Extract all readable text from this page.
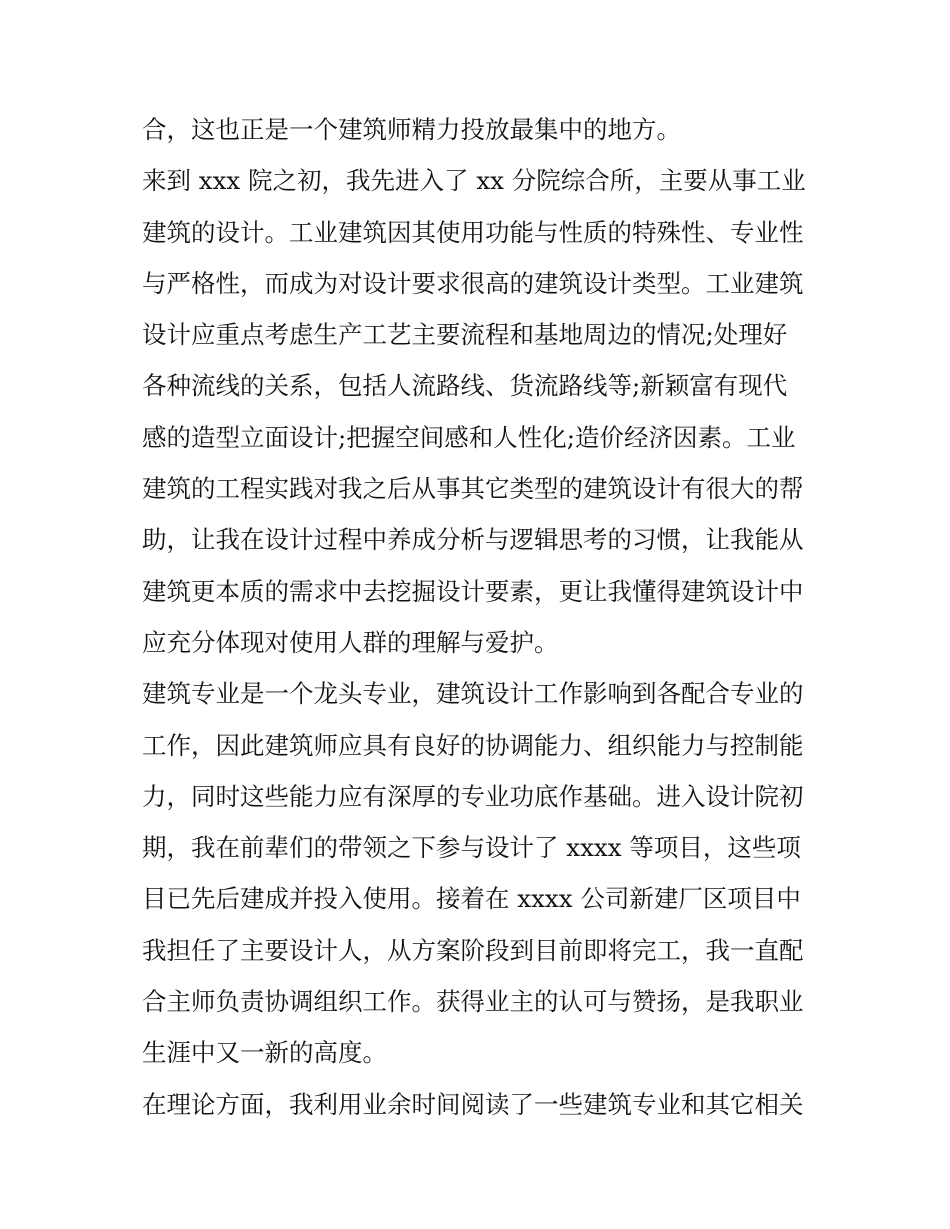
合，这也正是一个建筑师精力投放最集中的地方。
来到 xxx 院之初，我先进入了 xx 分院综合所，主要从事工业
建筑的设计。工业建筑因其使用功能与性质的特殊性、专业性
与严格性，而成为对设计要求很高的建筑设计类型。工业建筑
设计应重点考虑生产工艺主要流程和基地周边的情况;处理好
各种流线的关系，包括人流路线、货流路线等;新颖富有现代
感的造型立面设计;把握空间感和人性化;造价经济因素。工业
建筑的工程实践对我之后从事其它类型的建筑设计有很大的帮
助，让我在设计过程中养成分析与逻辑思考的习惯，让我能从
建筑更本质的需求中去挖掘设计要素，更让我懂得建筑设计中
应充分体现对使用人群的理解与爱护。
建筑专业是一个龙头专业，建筑设计工作影响到各配合专业的
工作，因此建筑师应具有良好的协调能力、组织能力与控制能
力，同时这些能力应有深厚的专业功底作基础。进入设计院初
期，我在前辈们的带领之下参与设计了 xxxx 等项目，这些项
目已先后建成并投入使用。接着在 xxxx 公司新建厂区项目中
我担任了主要设计人，从方案阶段到目前即将完工，我一直配
合主师负责协调组织工作。获得业主的认可与赞扬，是我职业
生涯中又一新的高度。
在理论方面，我利用业余时间阅读了一些建筑专业和其它相关
